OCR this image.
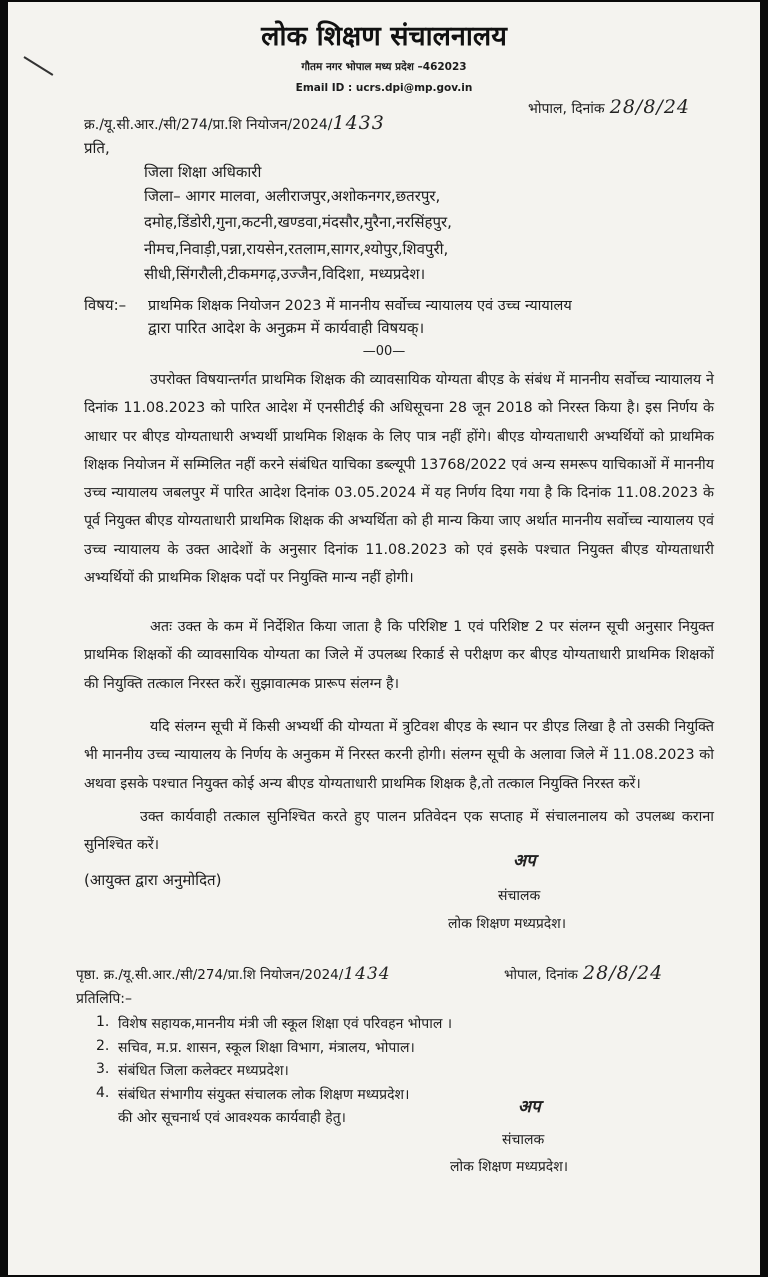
लोक शिक्षण संचालनालय
गौतम नगर भोपाल मध्य प्रदेश –462023
Email ID : ucrs.dpi@mp.gov.in
क्र./यू.सी.आर./सी/274/प्रा.शि नियोजन/2024/1433
भोपाल, दिनांक 28/8/24
प्रति,
जिला शिक्षा अधिकारी
जिला– आगर मालवा, अलीराजपुर,अशोकनगर,छतरपुर,
दमोह,डिंडोरी,गुना,कटनी,खण्डवा,मंदसौर,मुरैना,नरसिंहपुर,
नीमच,निवाड़ी,पन्ना,रायसेन,रतलाम,सागर,श्योपुर,शिवपुरी,
सीधी,सिंगरौली,टीकमगढ़,उज्जैन,विदिशा, मध्यप्रदेश।
विषय:– प्राथमिक शिक्षक नियोजन 2023 में माननीय सर्वोच्च न्यायालय एवं उच्च न्यायालय
द्वारा पारित आदेश के अनुक्रम में कार्यवाही विषयक्।
—00—
उपरोक्त विषयान्तर्गत प्राथमिक शिक्षक की व्यावसायिक योग्यता बीएड के संबंध में माननीय सर्वोच्च न्यायालय ने दिनांक 11.08.2023 को पारित आदेश में एनसीटीई की अधिसूचना 28 जून 2018 को निरस्त किया है। इस निर्णय के आधार पर बीएड योग्यताधारी अभ्यर्थी प्राथमिक शिक्षक के लिए पात्र नहीं होंगे। बीएड योग्यताधारी अभ्यर्थियों को प्राथमिक शिक्षक नियोजन में सम्मिलित नहीं करने संबंधित याचिका डब्ल्यूपी 13768/2022 एवं अन्य समरूप याचिकाओं में माननीय उच्च न्यायालय जबलपुर में पारित आदेश दिनांक 03.05.2024 में यह निर्णय दिया गया है कि दिनांक 11.08.2023 के पूर्व नियुक्त बीएड योग्यताधारी प्राथमिक शिक्षक की अभ्यर्थिता को ही मान्य किया जाए अर्थात माननीय सर्वोच्च न्यायालय एवं उच्च न्यायालय के उक्त आदेशों के अनुसार दिनांक 11.08.2023 को एवं इसके पश्चात नियुक्त बीएड योग्यताधारी अभ्यर्थियों की प्राथमिक शिक्षक पदों पर नियुक्ति मान्य नहीं होगी।
अतः उक्त के कम में निर्देशित किया जाता है कि परिशिष्ट 1 एवं परिशिष्ट 2 पर संलग्न सूची अनुसार नियुक्त प्राथमिक शिक्षकों की व्यावसायिक योग्यता का जिले में उपलब्ध रिकार्ड से परीक्षण कर बीएड योग्यताधारी प्राथमिक शिक्षकों की नियुक्ति तत्काल निरस्त करें। सुझावात्मक प्रारूप संलग्न है।
यदि संलग्न सूची में किसी अभ्यर्थी की योग्यता में त्रुटिवश बीएड के स्थान पर डीएड लिखा है तो उसकी नियुक्ति भी माननीय उच्च न्यायालय के निर्णय के अनुकम में निरस्त करनी होगी। संलग्न सूची के अलावा जिले में 11.08.2023 को अथवा इसके पश्चात नियुक्त कोई अन्य बीएड योग्यताधारी प्राथमिक शिक्षक है,तो तत्काल नियुक्ति निरस्त करें।
उक्त कार्यवाही तत्काल सुनिश्चित करते हुए पालन प्रतिवेदन एक सप्ताह में संचालनालय को उपलब्ध कराना सुनिश्चित करें।
(आयुक्त द्वारा अनुमोदित)
अप
संचालक
लोक शिक्षण मध्यप्रदेश।
पृष्ठा. क्र./यू.सी.आर./सी/274/प्रा.शि नियोजन/2024/1434	भोपाल, दिनांक 28/8/24
प्रतिलिपि:–
1. विशेष सहायक,माननीय मंत्री जी स्कूल शिक्षा एवं परिवहन भोपाल ।
2. सचिव, म.प्र. शासन, स्कूल शिक्षा विभाग, मंत्रालय, भोपाल।
3. संबंधित जिला कलेक्टर मध्यप्रदेश।
4. संबंधित संभागीय संयुक्त संचालक लोक शिक्षण मध्यप्रदेश।
की ओर सूचनार्थ एवं आवश्यक कार्यवाही हेतु।
अप
संचालक
लोक शिक्षण मध्यप्रदेश।
